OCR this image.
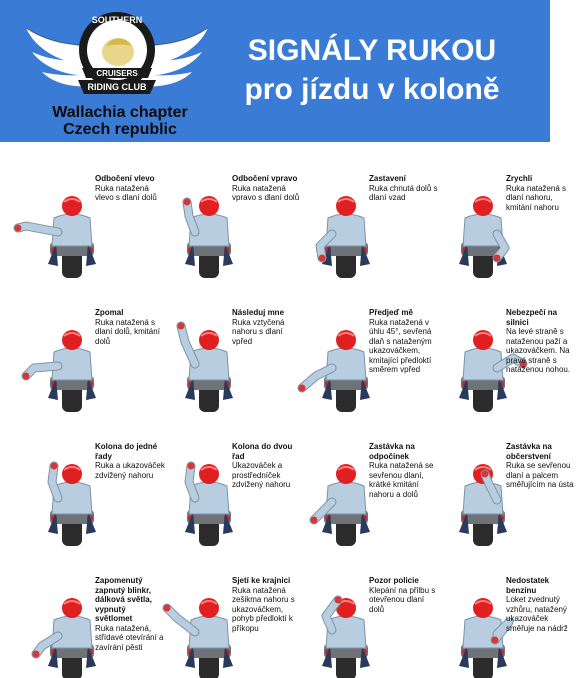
SOUTHERN
CRUISERS
RIDING CLUB
Wallachia chapter
Czech republic
SIGNÁLY RUKOU
pro jízdu v koloně
Odbočení vlevo
Ruka natažená vlevo s dlaní dolů
Odbočení vpravo
Ruka natažená vpravo s dlaní dolů
Zastavení
Ruka chnutá dolů s dlaní vzad
Zrychli
Ruka natažená s dlaní nahoru, kmitání nahoru
Zpomal
Ruka natažená s dlaní dolů, kmitání dolů
Následuj mne
Ruka vztyčená nahoru s dlaní vpřed
Předjeď mě
Ruka natažená v úhlu 45°, sevřená dlaň s nataženým ukazováčkem, kmitající předloktí směrem vpřed
Nebezpečí na silnici
Na levé straně s nataženou paží a ukazováčkem. Na pravé straně s nataženou nohou.
Kolona do jedné řady
Ruka a ukazováček zdvižený nahoru
Kolona do dvou řad
Ukazováček a prostředníček zdvižený nahoru
Zastávka na odpočinek
Ruka natažená se sevřenou dlaní, krátké kmitání nahoru a dolů
Zastávka na občerstvení
Ruka se sevřenou dlaní a palcem směřujícím na ústa
Zapomenutý zapnutý blinkr, dálková světla, vypnutý světlomet
Ruka natažená, střídavé otevírání a zavírání pěsti
Sjetí ke krajnici
Ruka natažená zešikma nahoru s ukazováčkem, pohyb předloktí k příkopu
Pozor policie
Klepání na přilbu s otevřenou dlaní dolů
Nedostatek benzínu
Loket zvednutý vzhůru, natažený ukazováček směřuje na nádrž
